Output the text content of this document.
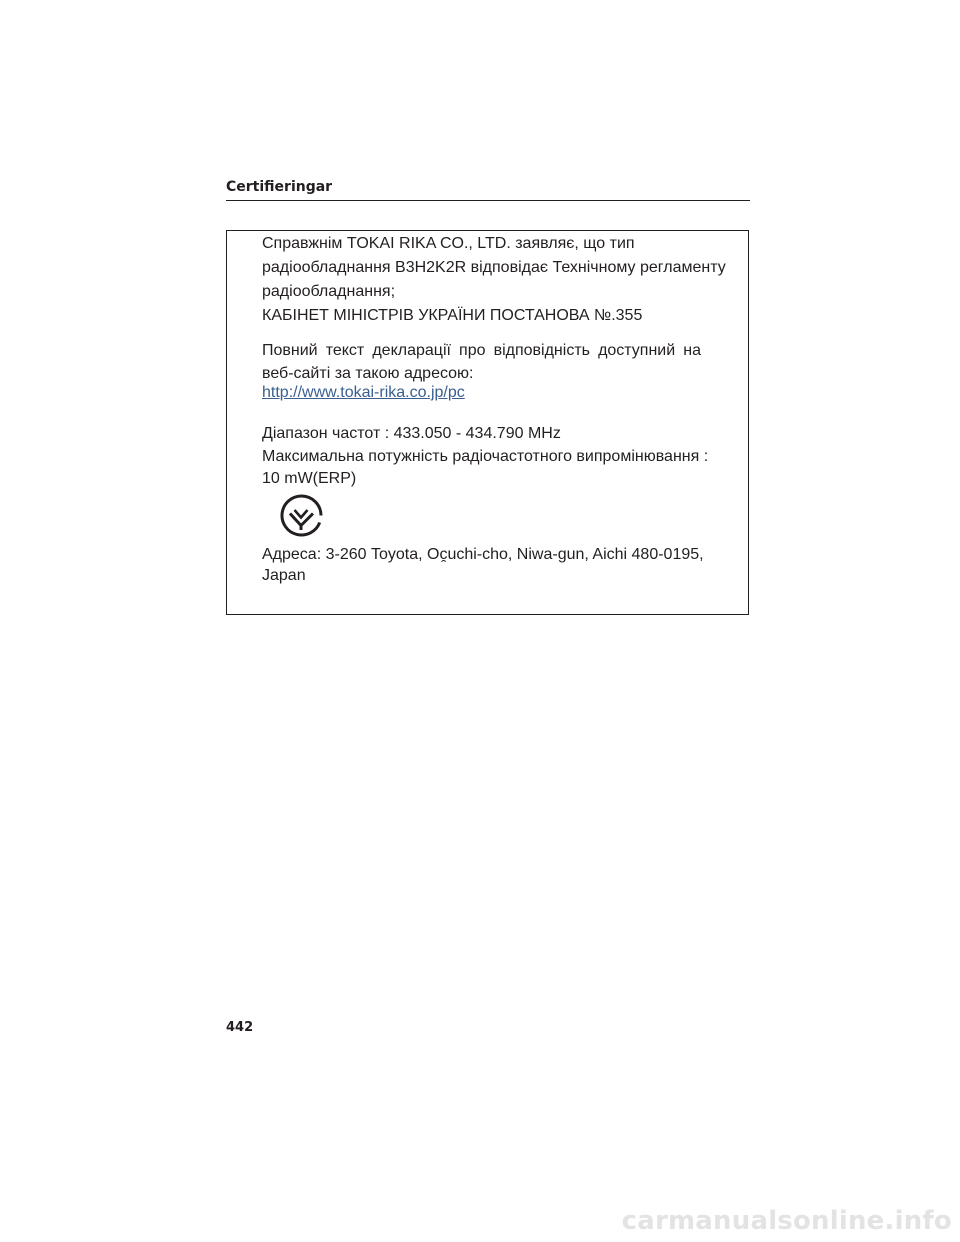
Certifieringar
Справжнім TOKAI RIKA CO., LTD. заявляє, що тип
радіообладнання B3H2K2R відповідає Технічному регламенту
радіообладнання;
КАБІНЕТ МІНІСТРІВ УКРАЇНИ ПОСТАНОВА №.355
Повний текст декларації про відповідність доступний на
веб-сайті за такою адресою:
http://www.tokai-rika.co.jp/pc
Діапазон частот : 433.050 - 434.790 MHz
Максимальна потужність радіочастотного випромінювання :
10 mW(ERP)
Адреса: 3-260 Toyota, Oc̯uchi-cho, Niwa-gun, Aichi 480-0195,
Japan
442
carmanualsonline.info
